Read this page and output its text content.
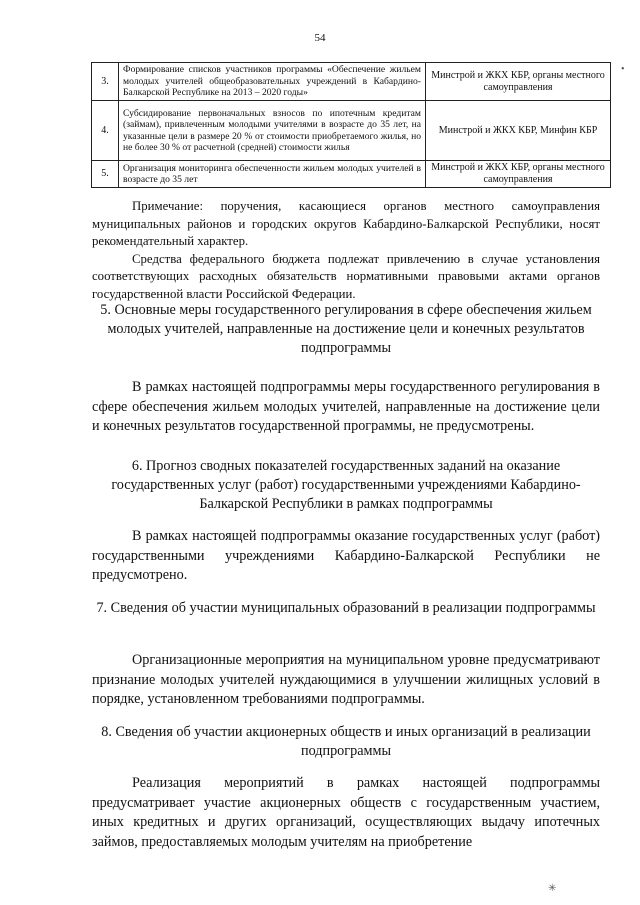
54
3.	Формирование списков участников программы «Обеспечение жильем молодых учителей общеобразовательных учреждений в Кабардино-Балкарской Республике на 2013 – 2020 годы»	Минстрой и ЖКХ КБР, органы местного самоуправления
4.	Субсидирование первоначальных взносов по ипотечным кредитам (займам), привлеченным молодыми учителями в возрасте до 35 лет, на указанные цели в размере 20 % от стоимости приобретаемого жилья, но не более 30 % от расчетной (средней) стоимости жилья	Минстрой и ЖКХ КБР, Минфин КБР
5.	Организация мониторинга обеспеченности жильем молодых учителей в возрасте до 35 лет	Минстрой и ЖКХ КБР, органы местного самоуправления

Примечание: поручения, касающиеся органов местного самоуправления муниципальных районов и городских округов Кабардино-Балкарской Республики, носят рекомендательный характер.

Средства федерального бюджета подлежат привлечению в случае установления соответствующих расходных обязательств нормативными правовыми актами органов государственной власти Российской Федерации.

5. Основные меры государственного регулирования в сфере обеспечения жильем молодых учителей, направленные на достижение цели и конечных результатов подпрограммы

В рамках настоящей подпрограммы меры государственного регулирования в сфере обеспечения жильем молодых учителей, направленные на достижение цели и конечных результатов государственной программы, не предусмотрены.

6. Прогноз сводных показателей государственных заданий на оказание государственных услуг (работ) государственными учреждениями Кабардино-Балкарской Республики в рамках подпрограммы

В рамках настоящей подпрограммы оказание государственных услуг (работ) государственными учреждениями Кабардино-Балкарской Республики не предусмотрено.

7. Сведения об участии муниципальных образований в реализации подпрограммы

Организационные мероприятия на муниципальном уровне предусматривают признание молодых учителей нуждающимися в улучшении жилищных условий в порядке, установленном требованиями подпрограммы.

8. Сведения об участии акционерных обществ и иных организаций в реализации подпрограммы

Реализация мероприятий в рамках настоящей подпрограммы предусматривает участие акционерных обществ с государственным участием, иных кредитных и других организаций, осуществляющих выдачу ипотечных займов, предоставляемых молодым учителям на приобретение

•
✳
